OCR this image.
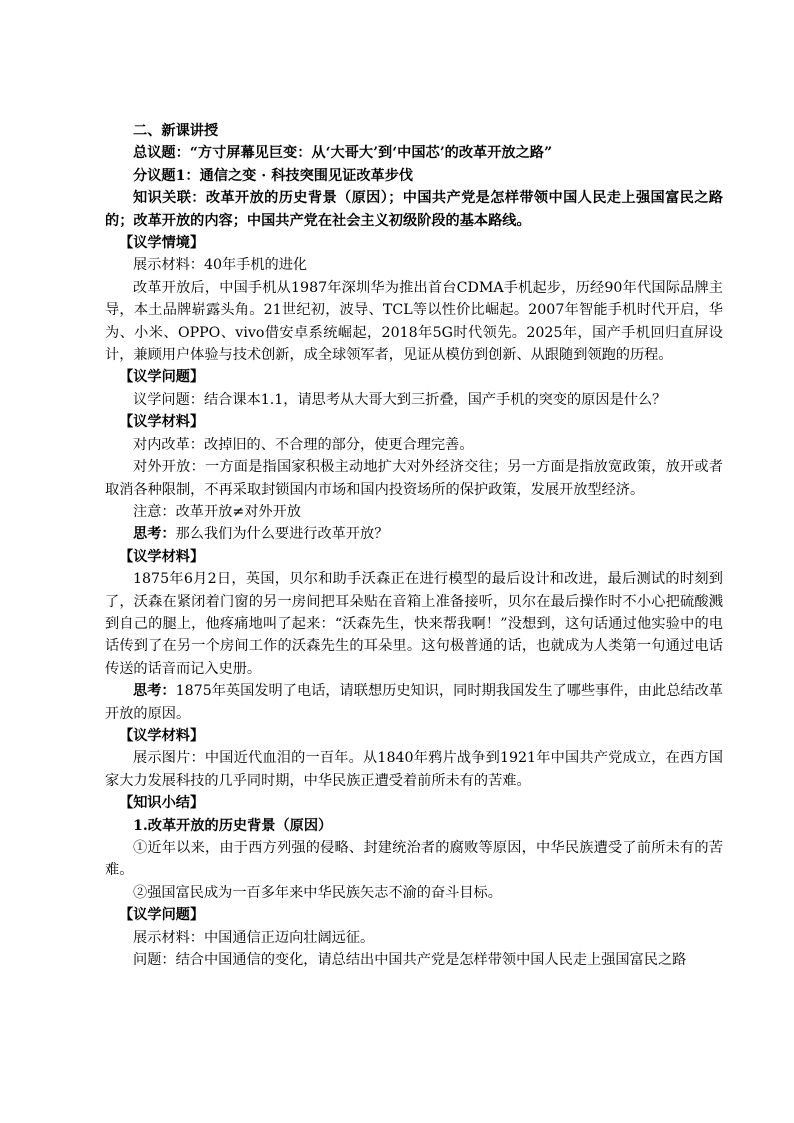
二、新课讲授

总议题：“方寸屏幕见巨变：从‘大哥大’到‘中国芯’的改革开放之路”

分议题1：通信之变 · 科技突围见证改革步伐

知识关联：改革开放的历史背景（原因）；中国共产党是怎样带领中国人民走上强国富民之路的；改革开放的内容；中国共产党在社会主义初级阶段的基本路线。

【议学情境】

展示材料：40年手机的进化

改革开放后，中国手机从1987年深圳华为推出首台CDMA手机起步，历经90年代国际品牌主导，本土品牌崭露头角。21世纪初，波导、TCL等以性价比崛起。2007年智能手机时代开启，华为、小米、OPPO、vivo借安卓系统崛起，2018年5G时代领先。2025年，国产手机回归直屏设计，兼顾用户体验与技术创新，成全球领军者，见证从模仿到创新、从跟随到领跑的历程。

【议学问题】

议学问题：结合课本1.1，请思考从大哥大到三折叠，国产手机的突变的原因是什么？

【议学材料】

对内改革：改掉旧的、不合理的部分，使更合理完善。

对外开放：一方面是指国家积极主动地扩大对外经济交往；另一方面是指放宽政策，放开或者取消各种限制，不再采取封锁国内市场和国内投资场所的保护政策，发展开放型经济。

注意：改革开放≠对外开放

思考：那么我们为什么要进行改革开放？

【议学材料】

1875年6月2日，英国，贝尔和助手沃森正在进行模型的最后设计和改进，最后测试的时刻到了，沃森在紧闭着门窗的另一房间把耳朵贴在音箱上准备接听，贝尔在最后操作时不小心把硫酸溅到自己的腿上，他疼痛地叫了起来：“沃森先生，快来帮我啊！”没想到，这句话通过他实验中的电话传到了在另一个房间工作的沃森先生的耳朵里。这句极普通的话，也就成为人类第一句通过电话传送的话音而记入史册。

思考：1875年英国发明了电话，请联想历史知识，同时期我国发生了哪些事件，由此总结改革开放的原因。

【议学材料】

展示图片：中国近代血泪的一百年。从1840年鸦片战争到1921年中国共产党成立，在西方国家大力发展科技的几乎同时期，中华民族正遭受着前所未有的苦难。

【知识小结】

1.改革开放的历史背景（原因）

①近年以来，由于西方列强的侵略、封建统治者的腐败等原因，中华民族遭受了前所未有的苦难。

②强国富民成为一百多年来中华民族矢志不渝的奋斗目标。

【议学问题】

展示材料：中国通信正迈向壮阔远征。

问题：结合中国通信的变化，请总结出中国共产党是怎样带领中国人民走上强国富民之路
